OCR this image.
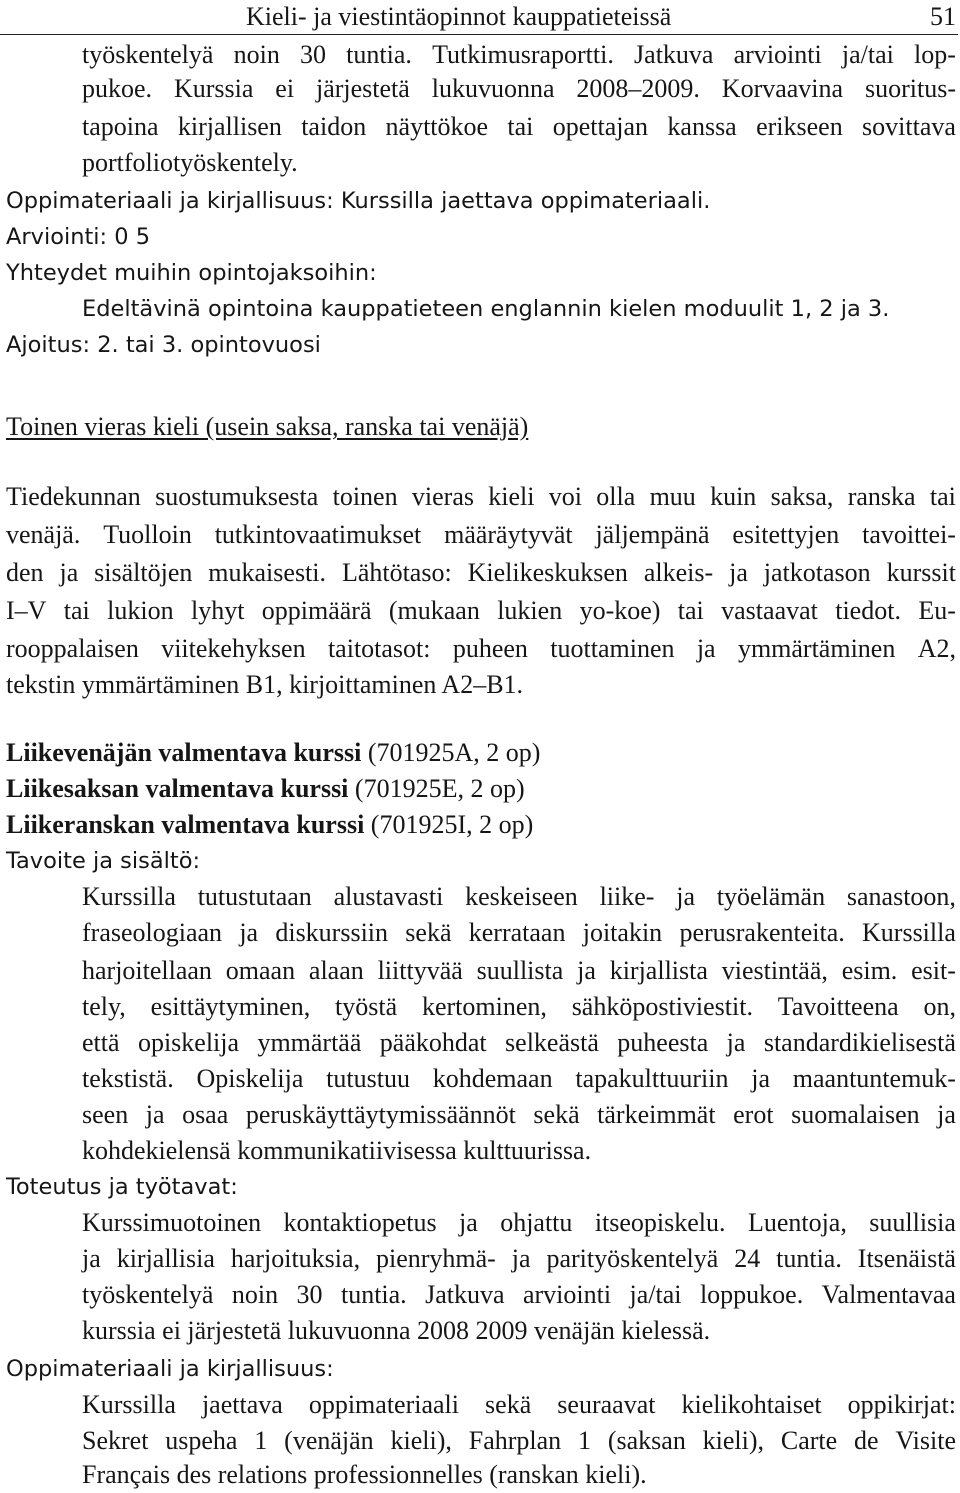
Kieli- ja viestintäopinnot kauppatieteissä	51
työskentelyä noin 30 tuntia. Tutkimusraportti. Jatkuva arviointi ja/tai lop-
pukoe. Kurssia ei järjestetä lukuvuonna 2008–2009. Korvaavina suoritus-
tapoina kirjallisen taidon näyttökoe tai opettajan kanssa erikseen sovittava
portfoliotyöskentely.
Oppimateriaali ja kirjallisuus: Kurssilla jaettava oppimateriaali.
Arviointi: 0 5
Yhteydet muihin opintojaksoihin:
Edeltävinä opintoina kauppatieteen englannin kielen moduulit 1, 2 ja 3.
Ajoitus: 2. tai 3. opintovuosi
Toinen vieras kieli (usein saksa, ranska tai venäjä)
Tiedekunnan suostumuksesta toinen vieras kieli voi olla muu kuin saksa, ranska tai
venäjä. Tuolloin tutkintovaatimukset määräytyvät jäljempänä esitettyjen tavoittei-
den ja sisältöjen mukaisesti. Lähtötaso: Kielikeskuksen alkeis- ja jatkotason kurssit
I–V tai lukion lyhyt oppimäärä (mukaan lukien yo-koe) tai vastaavat tiedot. Eu-
rooppalaisen viitekehyksen taitotasot: puheen tuottaminen ja ymmärtäminen A2,
tekstin ymmärtäminen B1, kirjoittaminen A2–B1.
Liikevenäjän valmentava kurssi (701925A, 2 op)
Liikesaksan valmentava kurssi (701925E, 2 op)
Liikeranskan valmentava kurssi (701925I, 2 op)
Tavoite ja sisältö:
Kurssilla tutustutaan alustavasti keskeiseen liike- ja työelämän sanastoon,
fraseologiaan ja diskurssiin sekä kerrataan joitakin perusrakenteita. Kurssilla
harjoitellaan omaan alaan liittyvää suullista ja kirjallista viestintää, esim. esit-
tely, esittäytyminen, työstä kertominen, sähköpostiviestit. Tavoitteena on,
että opiskelija ymmärtää pääkohdat selkeästä puheesta ja standardikielisestä
tekstistä. Opiskelija tutustuu kohdemaan tapakulttuuriin ja maantuntemuk-
seen ja osaa peruskäyttäytymissäännöt sekä tärkeimmät erot suomalaisen ja
kohdekielensä kommunikatiivisessa kulttuurissa.
Toteutus ja työtavat:
Kurssimuotoinen kontaktiopetus ja ohjattu itseopiskelu. Luentoja, suullisia
ja kirjallisia harjoituksia, pienryhmä- ja parityöskentelyä 24 tuntia. Itsenäistä
työskentelyä noin 30 tuntia. Jatkuva arviointi ja/tai loppukoe. Valmentavaa
kurssia ei järjestetä lukuvuonna 2008 2009 venäjän kielessä.
Oppimateriaali ja kirjallisuus:
Kurssilla jaettava oppimateriaali sekä seuraavat kielikohtaiset oppikirjat:
Sekret uspeha 1 (venäjän kieli), Fahrplan 1 (saksan kieli), Carte de Visite
Français des relations professionnelles (ranskan kieli).
